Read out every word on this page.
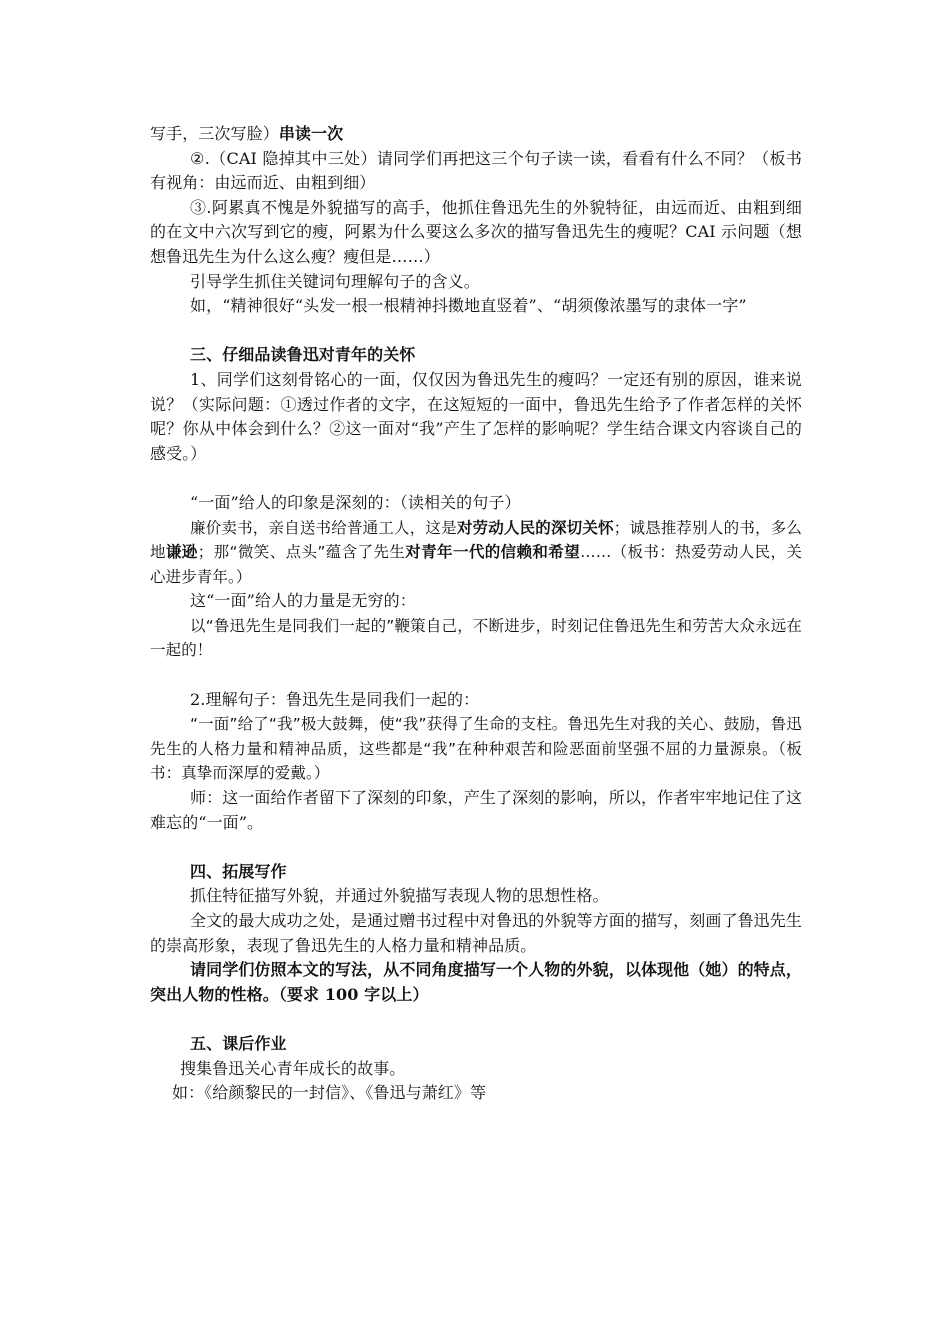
写手，三次写脸）串读一次

②.（CAI 隐掉其中三处）请同学们再把这三个句子读一读，看看有什么不同？（板书有视角：由远而近、由粗到细）

③.阿累真不愧是外貌描写的高手，他抓住鲁迅先生的外貌特征，由远而近、由粗到细的在文中六次写到它的瘦，阿累为什么要这么多次的描写鲁迅先生的瘦呢？CAI 示问题（想想鲁迅先生为什么这么瘦？瘦但是……）

引导学生抓住关键词句理解句子的含义。

如，“精神很好“头发一根一根精神抖擞地直竖着”、“胡须像浓墨写的隶体一字”

三、仔细品读鲁迅对青年的关怀

1、同学们这刻骨铭心的一面，仅仅因为鲁迅先生的瘦吗？一定还有别的原因，谁来说说？（实际问题：①透过作者的文字，在这短短的一面中，鲁迅先生给予了作者怎样的关怀呢？你从中体会到什么？②这一面对“我”产生了怎样的影响呢？学生结合课文内容谈自己的感受。）

“一面”给人的印象是深刻的：（读相关的句子）

廉价卖书，亲自送书给普通工人，这是对劳动人民的深切关怀；诚恳推荐别人的书，多么地谦逊；那“微笑、点头”蕴含了先生对青年一代的信赖和希望……（板书：热爱劳动人民，关心进步青年。）

这“一面”给人的力量是无穷的：

以“鲁迅先生是同我们一起的”鞭策自己，不断进步，时刻记住鲁迅先生和劳苦大众永远在一起的！

2.理解句子：鲁迅先生是同我们一起的：

“一面”给了“我”极大鼓舞，使“我”获得了生命的支柱。鲁迅先生对我的关心、鼓励，鲁迅先生的人格力量和精神品质，这些都是“我”在种种艰苦和险恶面前坚强不屈的力量源泉。（板书：真挚而深厚的爱戴。）

师：这一面给作者留下了深刻的印象，产生了深刻的影响，所以，作者牢牢地记住了这难忘的“一面”。

四、拓展写作

抓住特征描写外貌，并通过外貌描写表现人物的思想性格。

全文的最大成功之处，是通过赠书过程中对鲁迅的外貌等方面的描写，刻画了鲁迅先生的崇高形象，表现了鲁迅先生的人格力量和精神品质。

请同学们仿照本文的写法，从不同角度描写一个人物的外貌，以体现他（她）的特点，突出人物的性格。（要求 100 字以上）

五、课后作业

搜集鲁迅关心青年成长的故事。

如：《给颜黎民的一封信》、《鲁迅与萧红》等
